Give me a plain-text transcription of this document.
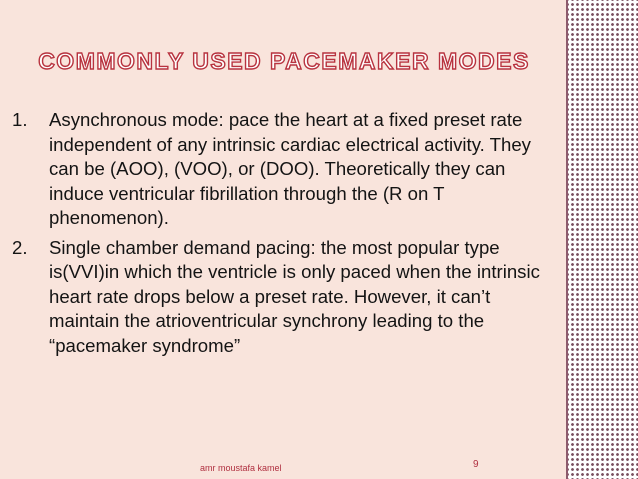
COMMONLY USED PACEMAKER MODES
1.	Asynchronous mode: pace the heart at a fixed preset rate independent of any intrinsic cardiac electrical activity. They can be (AOO), (VOO), or (DOO). Theoretically they can induce ventricular fibrillation through the (R on T phenomenon).
2.	Single chamber demand pacing: the most popular type is(VVI)in which the ventricle is only paced when the intrinsic heart rate drops below a preset rate. However, it can’t maintain the atrioventricular synchrony leading to the “pacemaker syndrome”
amr moustafa kamel	9
